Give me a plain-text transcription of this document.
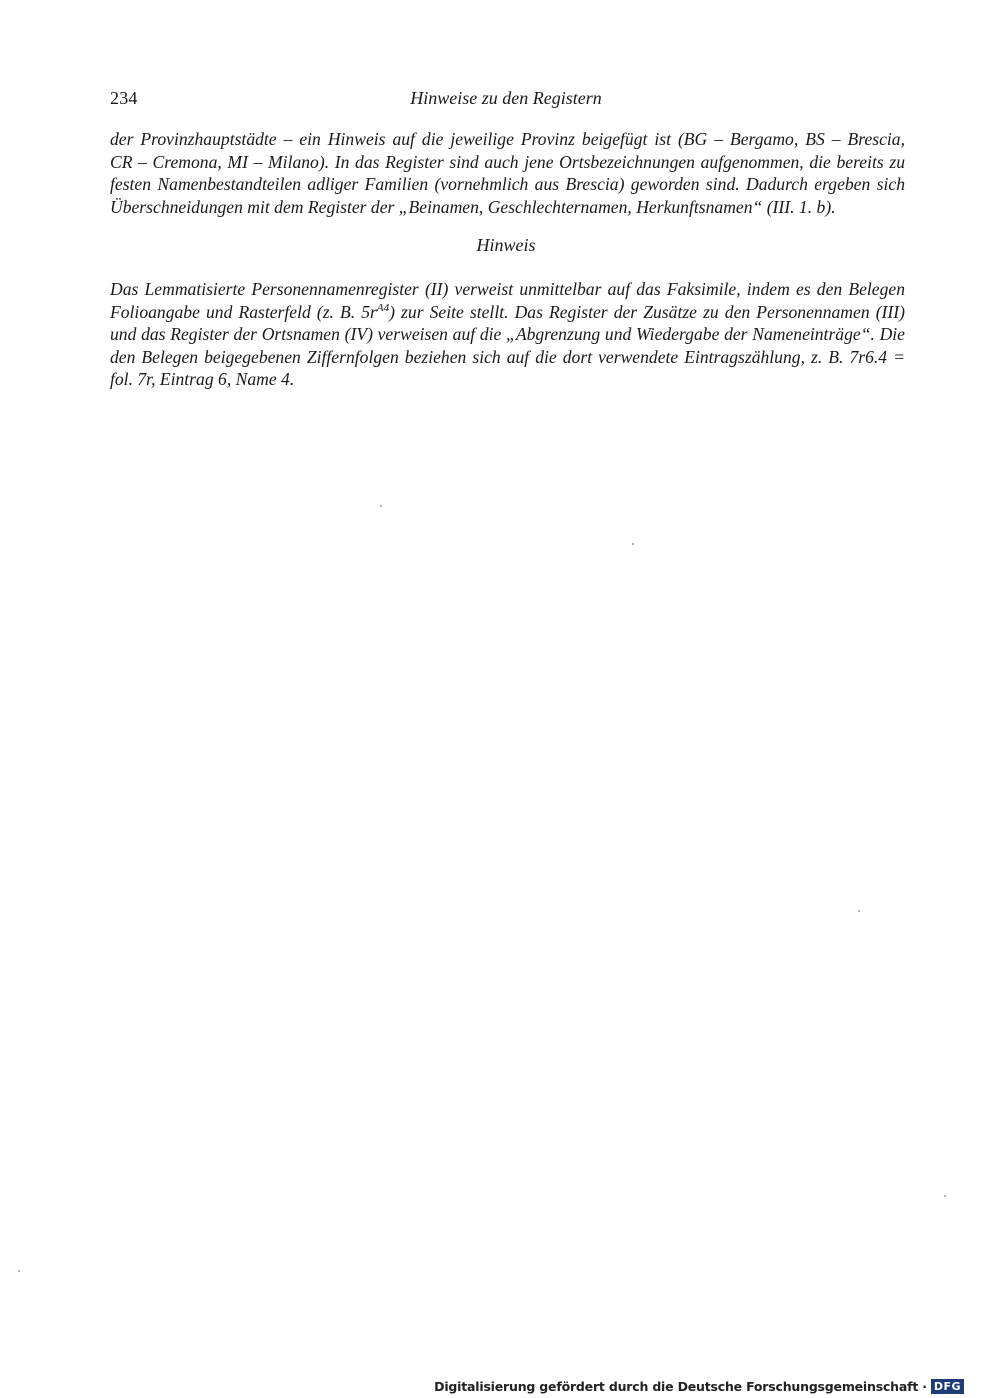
234	Hinweise zu den Registern
der Provinzhauptstädte – ein Hinweis auf die jeweilige Provinz beigefügt ist (BG – Bergamo, BS – Brescia,
CR – Cremona, MI – Milano). In das Register sind auch jene Ortsbezeichnungen aufgenommen, die bereits zu
festen Namenbestandteilen adliger Familien (vornehmlich aus Brescia) geworden sind. Dadurch ergeben sich
Überschneidungen mit dem Register der „Beinamen, Geschlechternamen, Herkunftsnamen“ (III. 1. b).
Hinweis
Das Lemmatisierte Personennamenregister (II) verweist unmittelbar auf das Faksimile, indem es den Belegen
Folioangabe und Rasterfeld (z. B. $5r^{A4}$) zur Seite stellt. Das Register der Zusätze zu den Personennamen (III)
und das Register der Ortsnamen (IV) verweisen auf die „Abgrenzung und Wiedergabe der Nameneinträge“. Die
den Belegen beigegebenen Ziffernfolgen beziehen sich auf die dort verwendete Eintragszählung, z. B. 7r6.4 =
fol. 7r, Eintrag 6, Name 4.
Digitalisierung gefördert durch die Deutsche Forschungsgemeinschaft · DFG
